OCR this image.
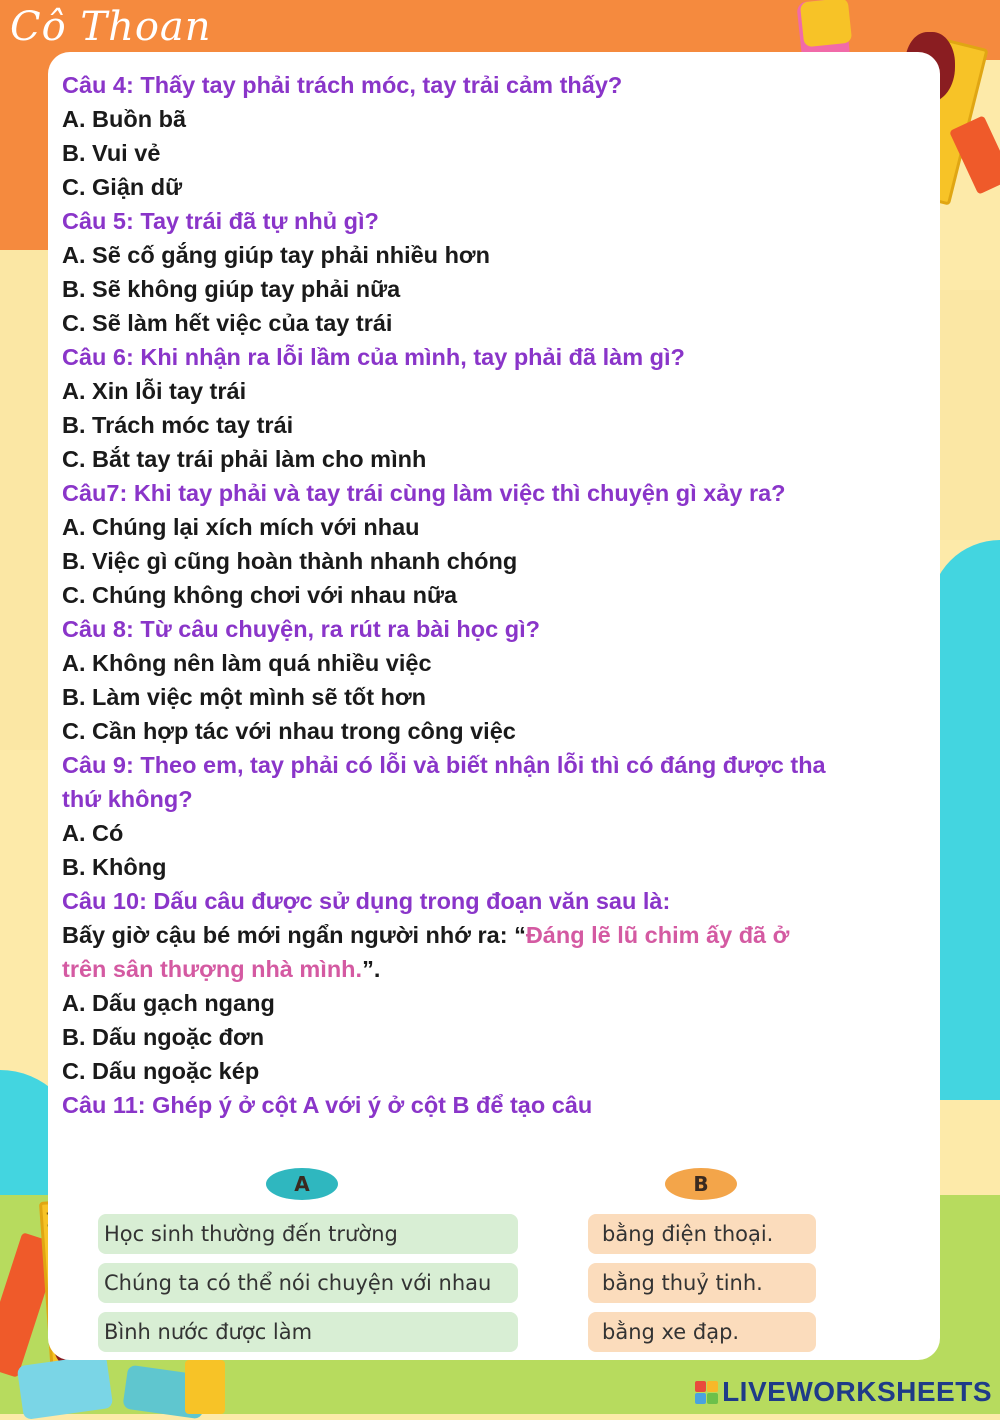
Cô Thoan

Câu 4: Thấy tay phải trách móc, tay trải cảm thấy?

A. Buồn bã

B. Vui vẻ

C. Giận dữ

Câu 5: Tay trái đã tự nhủ gì?

A. Sẽ cố gắng giúp tay phải nhiều hơn

B. Sẽ không giúp tay phải nữa

C. Sẽ làm hết việc của tay trái

Câu 6: Khi nhận ra lỗi lầm của mình, tay phải đã làm gì?

A. Xin lỗi tay trái

B. Trách móc tay trái

C. Bắt tay trái phải làm cho mình

Câu7: Khi tay phải và tay trái cùng làm việc thì chuyện gì xảy ra?

A. Chúng lại xích mích với nhau

B. Việc gì cũng hoàn thành nhanh chóng

C. Chúng không chơi với nhau nữa

Câu 8: Từ câu chuyện, ra rút ra bài học gì?

A. Không nên làm quá nhiều việc

B. Làm việc một mình sẽ tốt hơn

C. Cần hợp tác với nhau trong công việc

Câu 9: Theo em, tay phải có lỗi và biết nhận lỗi thì có đáng được tha thứ không?

A. Có

B. Không

Câu 10: Dấu câu được sử dụng trong đoạn văn sau là:

Bấy giờ cậu bé mới ngẩn người nhớ ra: “Đáng lẽ lũ chim ấy đã ở trên sân thượng nhà mình.”.

A. Dấu gạch ngang

B. Dấu ngoặc đơn

C. Dấu ngoặc kép

Câu 11: Ghép ý ở cột A với ý ở cột B để tạo câu

A	B
Học sinh thường đến trường
Chúng ta có thể nói chuyện với nhau
Bình nước được làm
bằng điện thoại.
bằng thuỷ tinh.
bằng xe đạp.
LIVEWORKSHEETS
